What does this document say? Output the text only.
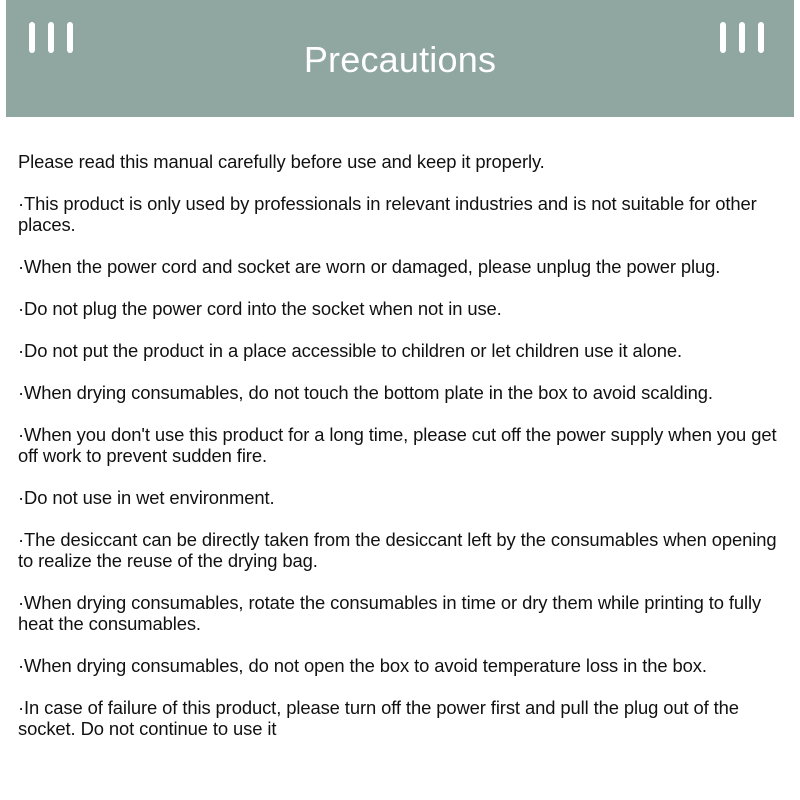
Precautions

Please read this manual carefully before use and keep it properly.

·This product is only used by professionals in relevant industries and is not suitable for other places.

·When the power cord and socket are worn or damaged, please unplug the power plug.

·Do not plug the power cord into the socket when not in use.

·Do not put the product in a place accessible to children or let children use it alone.

·When drying consumables, do not touch the bottom plate in the box to avoid scalding.

·When you don't use this product for a long time, please cut off the power supply when you get off work to prevent sudden fire.

·Do not use in wet environment.

·The desiccant can be directly taken from the desiccant left by the consumables when opening to realize the reuse of the drying bag.

·When drying consumables, rotate the consumables in time or dry them while printing to fully heat the consumables.

·When drying consumables, do not open the box to avoid temperature loss in the box.

·In case of failure of this product, please turn off the power first and pull the plug out of the socket. Do not continue to use it
